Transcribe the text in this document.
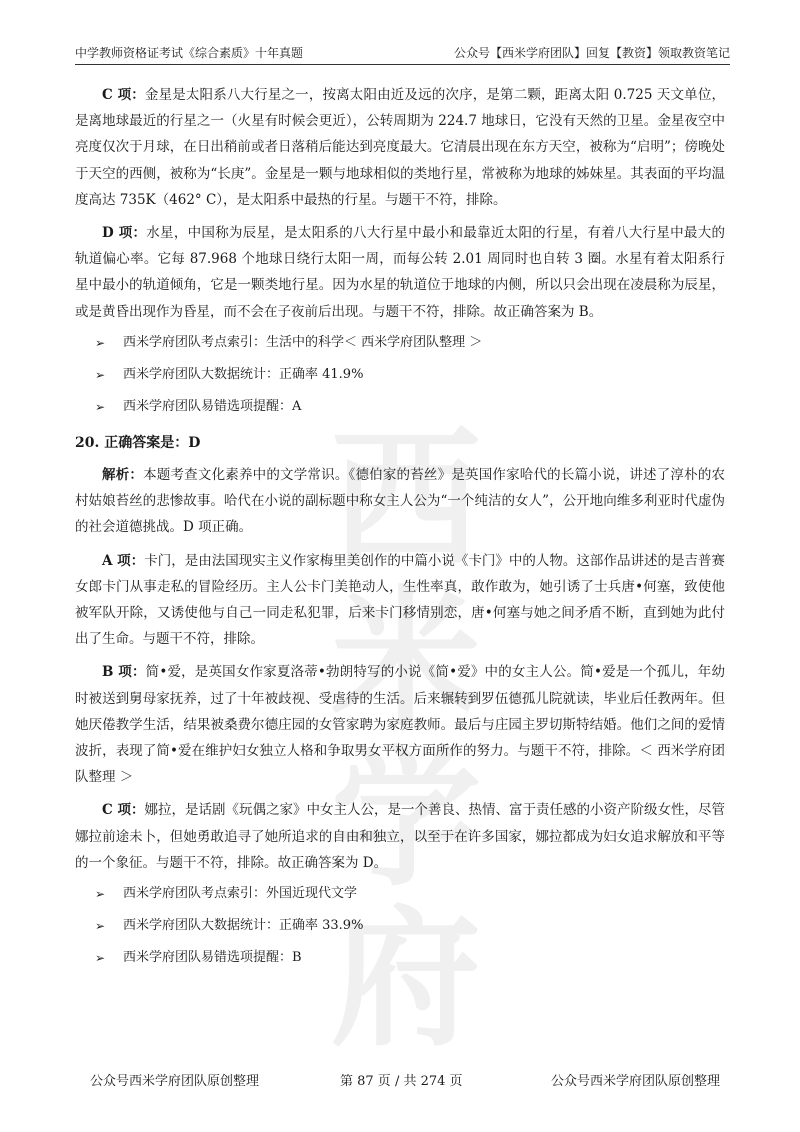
中学教师资格证考试《综合素质》十年真题	公众号【西米学府团队】回复【教资】领取教资笔记
西米学府

C 项：金星是太阳系八大行星之一，按离太阳由近及远的次序，是第二颗，距离太阳 0.725 天文单位，是离地球最近的行星之一（火星有时候会更近），公转周期为 224.7 地球日，它没有天然的卫星。金星夜空中亮度仅次于月球，在日出稍前或者日落稍后能达到亮度最大。它清晨出现在东方天空，被称为“启明”；傍晚处于天空的西侧，被称为“长庚”。金星是一颗与地球相似的类地行星，常被称为地球的姊妹星。其表面的平均温度高达 735K（462° C），是太阳系中最热的行星。与题干不符，排除。

D 项：水星，中国称为辰星，是太阳系的八大行星中最小和最靠近太阳的行星，有着八大行星中最大的轨道偏心率。它每 87.968 个地球日绕行太阳一周，而每公转 2.01 周同时也自转 3 圈。水星有着太阳系行星中最小的轨道倾角，它是一颗类地行星。因为水星的轨道位于地球的内侧，所以只会出现在凌晨称为辰星，或是黄昏出现作为昏星，而不会在子夜前后出现。与题干不符，排除。故正确答案为 B。

➢ 西米学府团队考点索引：生活中的科学＜ 西米学府团队整理 ＞
➢ 西米学府团队大数据统计：正确率 41.9%
➢ 西米学府团队易错选项提醒：A
20. 正确答案是：D

解析：本题考查文化素养中的文学常识。《德伯家的苔丝》是英国作家哈代的长篇小说，讲述了淳朴的农村姑娘苔丝的悲惨故事。哈代在小说的副标题中称女主人公为“一个纯洁的女人”，公开地向维多利亚时代虚伪的社会道德挑战。D 项正确。

A 项：卡门，是由法国现实主义作家梅里美创作的中篇小说《卡门》中的人物。这部作品讲述的是吉普赛女郎卡门从事走私的冒险经历。主人公卡门美艳动人，生性率真，敢作敢为，她引诱了士兵唐•何塞，致使他被军队开除，又诱使他与自己一同走私犯罪，后来卡门移情别恋，唐•何塞与她之间矛盾不断，直到她为此付出了生命。与题干不符，排除。

B 项：简•爱，是英国女作家夏洛蒂•勃朗特写的小说《简•爱》中的女主人公。简•爱是一个孤儿，年幼时被送到舅母家抚养，过了十年被歧视、受虐待的生活。后来辗转到罗伍德孤儿院就读，毕业后任教两年。但她厌倦教学生活，结果被桑费尔德庄园的女管家聘为家庭教师。最后与庄园主罗切斯特结婚。他们之间的爱情波折，表现了简•爱在维护妇女独立人格和争取男女平权方面所作的努力。与题干不符，排除。＜ 西米学府团队整理 ＞

C 项：娜拉，是话剧《玩偶之家》中女主人公，是一个善良、热情、富于责任感的小资产阶级女性，尽管娜拉前途未卜，但她勇敢追寻了她所追求的自由和独立，以至于在许多国家，娜拉都成为妇女追求解放和平等的一个象征。与题干不符，排除。故正确答案为 D。

➢ 西米学府团队考点索引：外国近现代文学
➢ 西米学府团队大数据统计：正确率 33.9%
➢ 西米学府团队易错选项提醒：B
公众号西米学府团队原创整理	第 87 页 / 共 274 页	公众号西米学府团队原创整理
